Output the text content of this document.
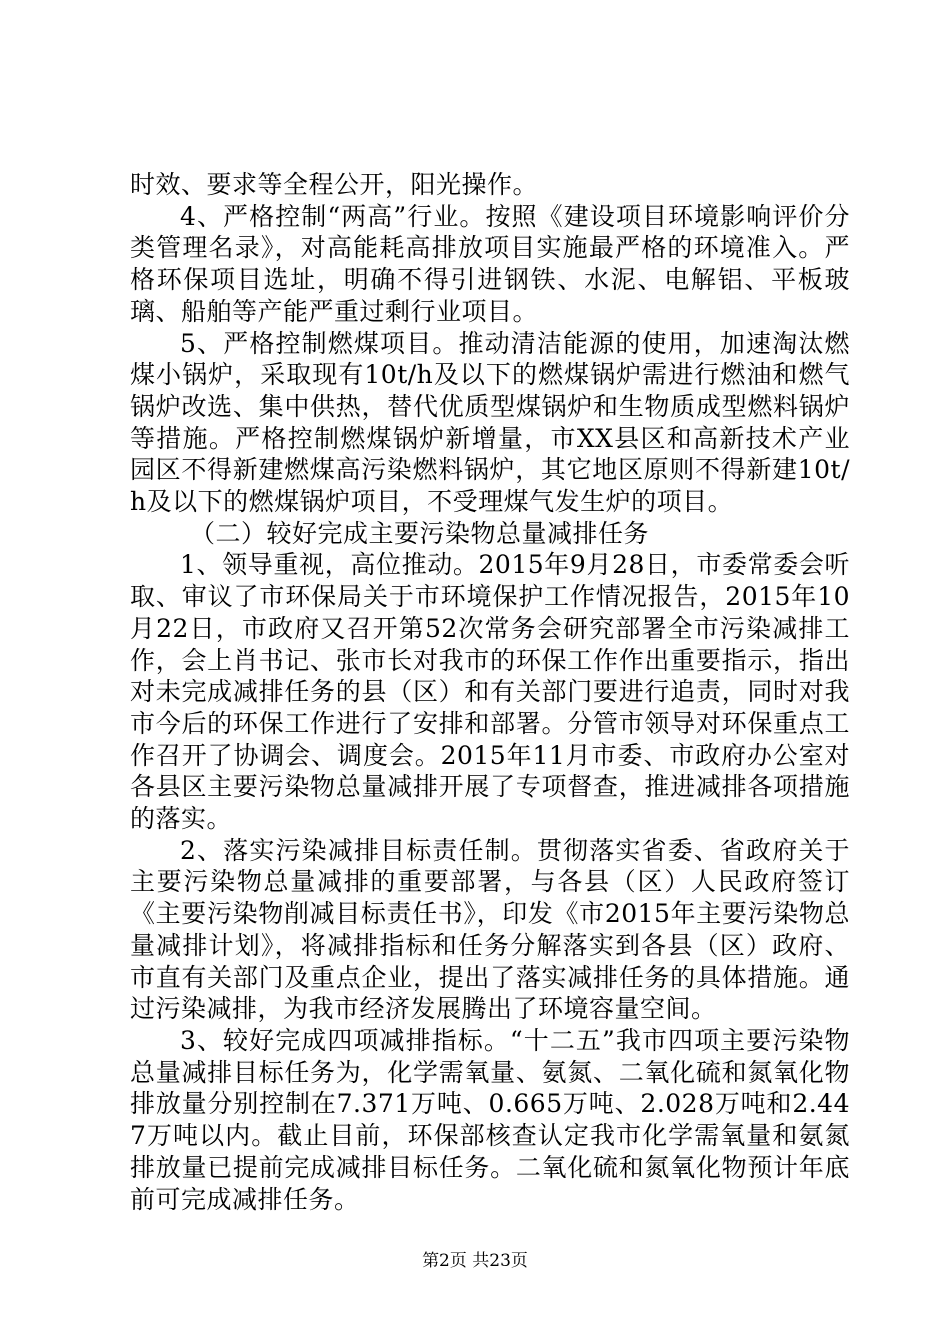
时效、要求等全程公开，阳光操作。

4、严格控制“两高”行业。按照《建设项目环境影响评价分类管理名录》，对高能耗高排放项目实施最严格的环境准入。严格环保项目选址，明确不得引进钢铁、水泥、电解铝、平板玻璃、船舶等产能严重过剩行业项目。

5、严格控制燃煤项目。推动清洁能源的使用，加速淘汰燃煤小锅炉，采取现有10t/h及以下的燃煤锅炉需进行燃油和燃气锅炉改选、集中供热，替代优质型煤锅炉和生物质成型燃料锅炉等措施。严格控制燃煤锅炉新增量，市XX县区和高新技术产业园区不得新建燃煤高污染燃料锅炉，其它地区原则不得新建10t/h及以下的燃煤锅炉项目，不受理煤气发生炉的项目。

（二）较好完成主要污染物总量减排任务

1、领导重视，高位推动。2015年9月28日，市委常委会听取、审议了市环保局关于市环境保护工作情况报告，2015年10月22日，市政府又召开第52次常务会研究部署全市污染减排工作，会上肖书记、张市长对我市的环保工作作出重要指示，指出对未完成减排任务的县（区）和有关部门要进行追责，同时对我市今后的环保工作进行了安排和部署。分管市领导对环保重点工作召开了协调会、调度会。2015年11月市委、市政府办公室对各县区主要污染物总量减排开展了专项督查，推进减排各项措施的落实。

2、落实污染减排目标责任制。贯彻落实省委、省政府关于主要污染物总量减排的重要部署，与各县（区）人民政府签订《主要污染物削减目标责任书》，印发《市2015年主要污染物总量减排计划》，将减排指标和任务分解落实到各县（区）政府、市直有关部门及重点企业，提出了落实减排任务的具体措施。通过污染减排，为我市经济发展腾出了环境容量空间。

3、较好完成四项减排指标。“十二五”我市四项主要污染物总量减排目标任务为，化学需氧量、氨氮、二氧化硫和氮氧化物排放量分别控制在7.371万吨、0.665万吨、2.028万吨和2.447万吨以内。截止目前，环保部核查认定我市化学需氧量和氨氮排放量已提前完成减排目标任务。二氧化硫和氮氧化物预计年底前可完成减排任务。

第2页 共23页
